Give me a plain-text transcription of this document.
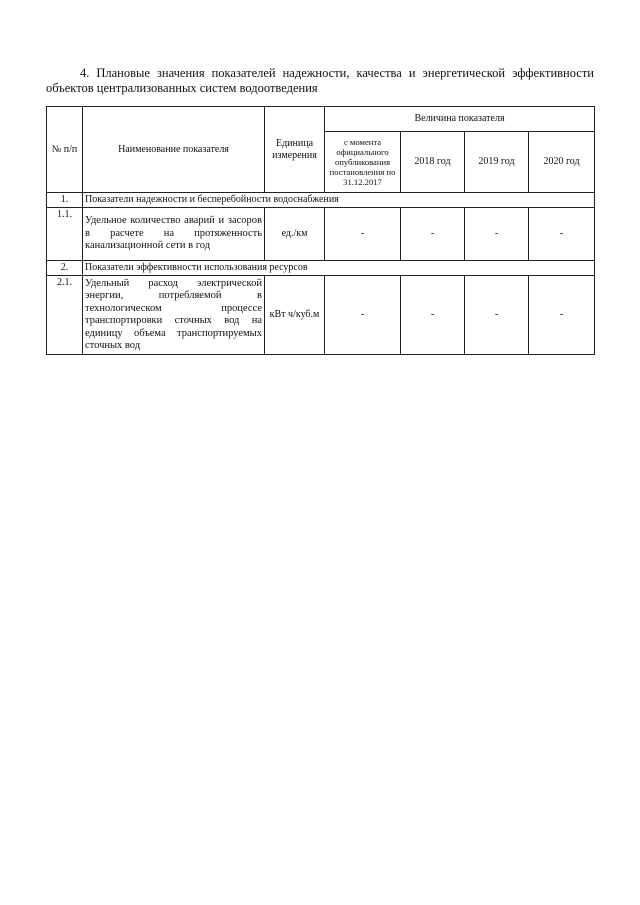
4. Плановые значения показателей надежности, качества и энергетической эффективности объектов централизованных систем водоотведения

№ п/п	Наименование показателя	Единица измерения	Величина показателя			
			с момента официального опубликования постановления по 31.12.2017	2018 год	2019 год	2020 год
1.	Показатели надежности и бесперебойности водоснабжения					
1.1.	Удельное количество аварий и засоров в расчете на протяженность канализационной сети в год	ед./км	-	-	-	-
2.	Показатели эффективности использования ресурсов					
2.1.	Удельный расход электрической энергии, потребляемой в технологическом процессе транспортировки сточных вод на единицу объема транспортируемых сточных вод	кВт ч/куб.м	-	-	-	-
